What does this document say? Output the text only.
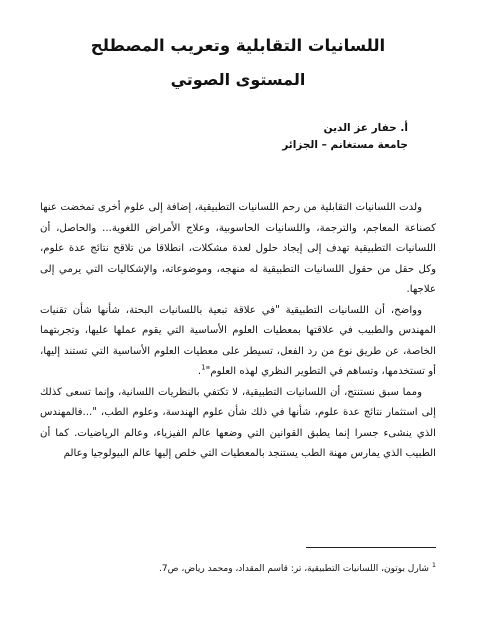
اللسانيات التقابلية وتعريب المصطلح
المستوى الصوتي

أ. حفار عز الدين

جامعة مستغانم – الجزائر

ولدت اللسانيات التقابلية من رحم اللسانيات التطبيقية، إضافة إلى علوم أخرى تمخضت عنها كصناعة المعاجم، والترجمة، واللسانيات الحاسوبية، وعلاج الأمراض اللغوية... والحاصل، أن اللسانيات التطبيقية تهدف إلى إيجاد حلول لعدة مشكلات، انطلاقا من تلاقح نتائج عدة علوم، وكل حقل من حقول اللسانيات التطبيقية له منهجه، وموضوعاته، والإشكاليات التي يرمي إلى علاجها.

وواضح، أن اللسانيات التطبيقية "في علاقة تبعية باللسانيات البحتة، شأنها شأن تقنيات المهندس والطبيب في علاقتها بمعطيات العلوم الأساسية التي يقوم عملها عليها، وتجربتهما الخاصة، عن طريق نوع من رد الفعل، تسيطر على معطيات العلوم الأساسية التي تستند إليها، أو تستخدمها، وتساهم في التطوير النظري لهذه العلوم"$^1$.

ومما سبق نستنتج، أن اللسانيات التطبيقية، لا تكتفي بالنظريات اللسانية، وإنما تسعى كذلك إلى استثمار نتائج عدة علوم، شأنها في ذلك شأن علوم الهندسة، وعلوم الطب، "...فالمهندس الذي ينشىء جسرا إنما يطبق القوانين التي وضعها عالم الفيزياء، وعالم الرياضيات. كما أن الطبيب الذي يمارس مهنة الطب يستنجد بالمعطيات التي خلص إليها عالم البيولوجيا وعالم

$^1$ شارل بوتون، اللسانيات التطبيقية، تر: قاسم المقداد، ومحمد رياض، ص7.
